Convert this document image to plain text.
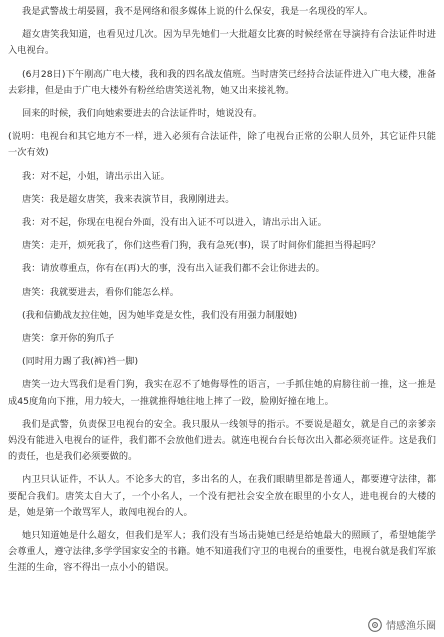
我是武警战士胡晏圆，我不是网络和很多媒体上说的什么保安，我是一名现役的军人。

超女唐笑我知道，也看见过几次。因为早先她们一大批超女比赛的时候经常在导演持有合法证件时进入电视台。

(6月28日)下午刚高广电大楼，我和我的四名战友值班。当时唐笑已经持合法证件进入广电大楼，准备去彩排，但是由于广电大楼外有粉丝给唐笑送礼物，她又出来接礼物。

回来的时候，我们向她索要进去的合法证件时，她说没有。

(说明：电视台和其它地方不一样，进入必须有合法证件，除了电视台正常的公职人员外，其它证件只能一次有效)

我：对不起，小姐，请出示出入证。

唐笑：我是超女唐笑，我来表演节目，我刚刚进去。

我：对不起，你现在电视台外面，没有出入证不可以进入，请出示出入证。

唐笑：走开，烦死我了，你们这些看门狗，我有急死(事)，误了时间你们能担当得起吗？

我：请放尊重点，你有在(再)大的事，没有出入证我们都不会让你进去的。

唐笑：我就要进去，看你们能怎么样。

(我和信勤战友拉住她，因为她毕竟是女性，我们没有用强力制服她)

唐笑：拿开你的狗爪子

(同时用力踢了我(裤)裆一脚)

唐笑一边大骂我们是看门狗，我实在忍不了她侮辱性的语言，一手抓住她的肩膀往前一推，这一推是成45度角向下推，用力较大，一推就推得她往地上摔了一跤，脸刚好撞在地上。

我们是武警，负责保卫电视台的安全。我只服从一线领导的指示。不要说是超女，就是自己的亲爹亲妈没有能进入电视台的证件，我们都不会放他们进去。就连电视台台长每次出入都必须亮证件。这是我们的责任，也是我们必须要做的。

内卫只认证件，不认人。不论多大的官，多出名的人，在我们眼睛里都是普通人，都要遵守法律，都要配合我们。唐笑太自大了，一个小名人，一个没有把社会安全放在眼里的小女人，进电视台的大楼的是，她是第一个敢骂军人，敢闯电视台的人。

她只知道她是什么超女，但我们是军人；我们没有当场击毙她已经是给她最大的照顾了，希望她能学会尊重人，遵守法律,多学学国家安全的书籍。她不知道我们守卫的电视台的重要性，电视台就是我们军旅生涯的生命，容不得出一点小小的错误。

情感渔乐圈
